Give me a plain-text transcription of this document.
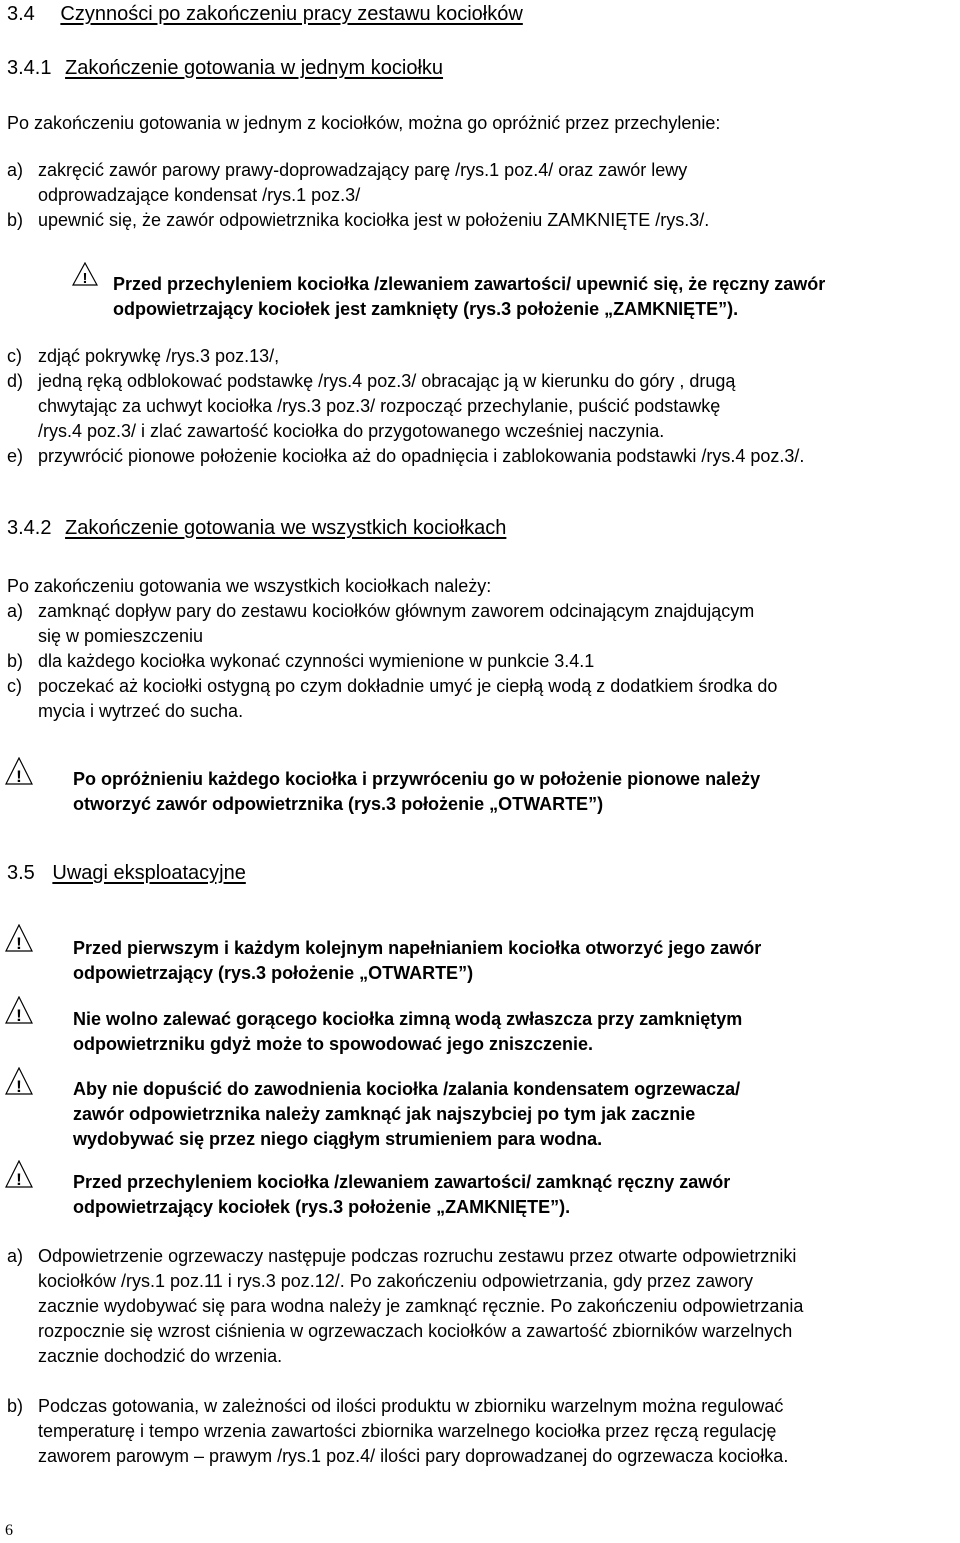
3.4 Czynności po zakończeniu pracy zestawu kociołków
3.4.1 Zakończenie gotowania w jednym kociołku
Po zakończeniu gotowania w jednym z kociołków, można go opróżnić przez przechylenie:
a) zakręcić zawór parowy prawy-doprowadzający parę /rys.1 poz.4/ oraz zawór lewy
odprowadzające kondensat /rys.1 poz.3/
b) upewnić się, że zawór odpowietrznika kociołka jest w położeniu ZAMKNIĘTE /rys.3/.
! Przed przechyleniem kociołka /zlewaniem zawartości/ upewnić się, że ręczny zawór
odpowietrzający kociołek jest zamknięty (rys.3 położenie „ZAMKNIĘTE”).
c) zdjąć pokrywkę /rys.3 poz.13/,
d) jedną ręką odblokować podstawkę /rys.4 poz.3/ obracając ją w kierunku do góry , drugą
chwytając za uchwyt kociołka /rys.3 poz.3/ rozpocząć przechylanie, puścić podstawkę
/rys.4 poz.3/ i zlać zawartość kociołka do przygotowanego wcześniej naczynia.
e) przywrócić pionowe położenie kociołka aż do opadnięcia i zablokowania podstawki /rys.4 poz.3/.
3.4.2 Zakończenie gotowania we wszystkich kociołkach
Po zakończeniu gotowania we wszystkich kociołkach należy:
a) zamknąć dopływ pary do zestawu kociołków głównym zaworem odcinającym znajdującym
się w pomieszczeniu
b) dla każdego kociołka wykonać czynności wymienione w punkcie 3.4.1
c) poczekać aż kociołki ostygną po czym dokładnie umyć je ciepłą wodą z dodatkiem środka do
mycia i wytrzeć do sucha.
!	Po opróżnieniu każdego kociołka i przywróceniu go w położenie pionowe należy
otworzyć zawór odpowietrznika (rys.3 położenie „OTWARTE”)
3.5 Uwagi eksploatacyjne
!	Przed pierwszym i każdym kolejnym napełnianiem kociołka otworzyć jego zawór
odpowietrzający (rys.3 położenie „OTWARTE”)
!	Nie wolno zalewać gorącego kociołka zimną wodą zwłaszcza przy zamkniętym
odpowietrzniku gdyż może to spowodować jego zniszczenie.
!	Aby nie dopuścić do zawodnienia kociołka /zalania kondensatem ogrzewacza/
zawór odpowietrznika należy zamknąć jak najszybciej po tym jak zacznie
wydobywać się przez niego ciągłym strumieniem para wodna.
!	Przed przechyleniem kociołka /zlewaniem zawartości/ zamknąć ręczny zawór
odpowietrzający kociołek (rys.3 położenie „ZAMKNIĘTE”).
a) Odpowietrzenie ogrzewaczy następuje podczas rozruchu zestawu przez otwarte odpowietrzniki
kociołków /rys.1 poz.11 i rys.3 poz.12/. Po zakończeniu odpowietrzania, gdy przez zawory
zacznie wydobywać się para wodna należy je zamknąć ręcznie. Po zakończeniu odpowietrzania
rozpocznie się wzrost ciśnienia w ogrzewaczach kociołków a zawartość zbiorników warzelnych
zacznie dochodzić do wrzenia.
b) Podczas gotowania, w zależności od ilości produktu w zbiorniku warzelnym można regulować
temperaturę i tempo wrzenia zawartości zbiornika warzelnego kociołka przez ręczą regulację
zaworem parowym – prawym /rys.1 poz.4/ ilości pary doprowadzanej do ogrzewacza kociołka.
6
